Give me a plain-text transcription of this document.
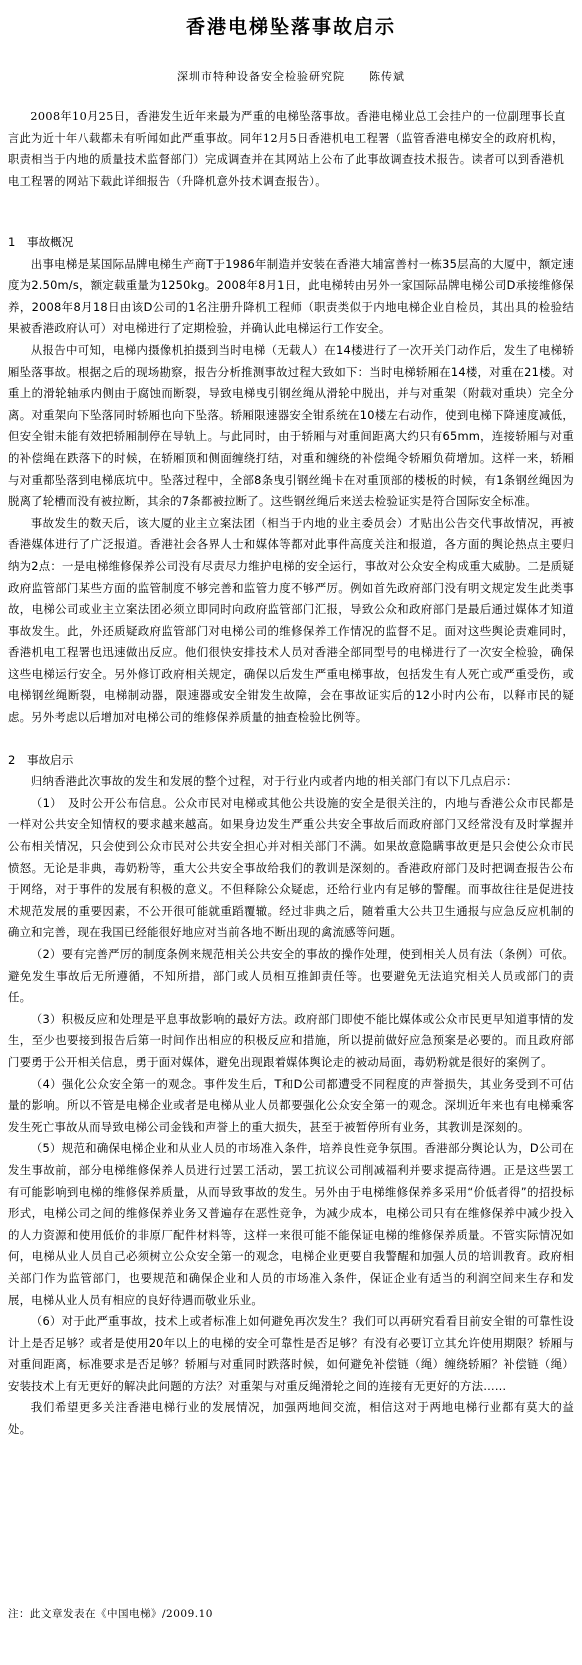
香港电梯坠落事故启示
深圳市特种设备安全检验研究院　　陈传斌
2008年10月25日，香港发生近年来最为严重的电梯坠落事故。香港电梯业总工会挂户的一位副理事长直言此为近十年八载都未有听闻如此严重事故。同年12月5日香港机电工程署（监管香港电梯安全的政府机构，职责相当于内地的质量技术监督部门）完成调查并在其网站上公布了此事故调查技术报告。读者可以到香港机电工程署的网站下载此详细报告（升降机意外技术调查报告）。

1　事故概况

出事电梯是某国际品牌电梯生产商T于1986年制造并安装在香港大埔富善村一栋35层高的大厦中，额定速度为2.50m/s，额定载重量为1250kg。2008年8月1日，此电梯转由另外一家国际品牌电梯公司D承接维修保养，2008年8月18日由该D公司的1名注册升降机工程师（职责类似于内地电梯企业自检员，其出具的检验结果被香港政府认可）对电梯进行了定期检验，并确认此电梯运行工作安全。

从报告中可知，电梯内摄像机拍摄到当时电梯（无载人）在14楼进行了一次开关门动作后，发生了电梯轿厢坠落事故。根据之后的现场勘察，报告分析推测事故过程大致如下：当时电梯轿厢在14楼，对重在21楼。对重上的滑轮轴承内侧由于腐蚀而断裂，导致电梯曳引钢丝绳从滑轮中脱出，并与对重架（附载对重块）完全分离。对重架向下坠落同时轿厢也向下坠落。轿厢限速器安全钳系统在10楼左右动作，使到电梯下降速度减低，但安全钳未能有效把轿厢制停在导轨上。与此同时，由于轿厢与对重间距离大约只有65mm，连接轿厢与对重的补偿绳在跌落下的时候，在轿厢顶和侧面缠绕打结，对重和缠绕的补偿绳令轿厢负荷增加。这样一来，轿厢与对重都坠落到电梯底坑中。坠落过程中，全部8条曳引钢丝绳卡在对重顶部的楼板的时候，有1条钢丝绳因为脱离了轮槽而没有被拉断，其余的7条都被拉断了。这些钢丝绳后来送去检验证实是符合国际安全标准。

事故发生的数天后，该大厦的业主立案法团（相当于内地的业主委员会）才贴出公告交代事故情况，再被香港媒体进行了广泛报道。香港社会各界人士和媒体等都对此事件高度关注和报道，各方面的舆论热点主要归纳为2点：一是电梯维修保养公司没有尽责尽力维护电梯的安全运行，事故对公众安全构成重大威胁。二是质疑政府监管部门某些方面的监管制度不够完善和监管力度不够严厉。例如首先政府部门没有明文规定发生此类事故，电梯公司或业主立案法团必须立即同时向政府监管部门汇报，导致公众和政府部门是最后通过媒体才知道事故发生。此，外还质疑政府监管部门对电梯公司的维修保养工作情况的监督不足。面对这些舆论责难同时，香港机电工程署也迅速做出反应。他们很快安排技术人员对香港全部同型号的电梯进行了一次安全检验，确保这些电梯运行安全。另外修订政府相关规定，确保以后发生严重电梯事故，包括发生有人死亡或严重受伤，或电梯钢丝绳断裂，电梯制动器，限速器或安全钳发生故障，会在事故证实后的12小时内公布，以释市民的疑虑。另外考虑以后增加对电梯公司的维修保养质量的抽查检验比例等。

2　事故启示

归纳香港此次事故的发生和发展的整个过程，对于行业内或者内地的相关部门有以下几点启示：

（1）　及时公开公布信息。公众市民对电梯或其他公共设施的安全是很关注的，内地与香港公众市民都是一样对公共安全知情权的要求越来越高。如果身边发生严重公共安全事故后而政府部门又经常没有及时掌握并公布相关情况，只会使到公众市民对公共安全担心并对相关部门不满。如果故意隐瞒事故更是只会使公众市民愤怒。无论是非典，毒奶粉等，重大公共安全事故给我们的教训是深刻的。香港政府部门及时把调查报告公布于网络，对于事件的发展有积极的意义。不但释除公众疑虑，还给行业内有足够的警醒。而事故往往是促进技术规范发展的重要因素，不公开很可能就重蹈覆辙。经过非典之后，随着重大公共卫生通报与应急反应机制的确立和完善，现在我国已经能很好地应对当前各地不断出现的禽流感等问题。

（2）要有完善严厉的制度条例来规范相关公共安全的事故的操作处理，使到相关人员有法（条例）可依。避免发生事故后无所遵循，不知所措，部门或人员相互推卸责任等。也要避免无法追究相关人员或部门的责任。

（3）积极反应和处理是平息事故影响的最好方法。政府部门即使不能比媒体或公众市民更早知道事情的发生，至少也要接到报告后第一时间作出相应的积极反应和措施，所以提前做好应急预案是必要的。而且政府部门要勇于公开相关信息，勇于面对媒体，避免出现跟着媒体舆论走的被动局面，毒奶粉就是很好的案例了。

（4）强化公众安全第一的观念。事件发生后，T和D公司都遭受不同程度的声誉损失，其业务受到不可估量的影响。所以不管是电梯企业或者是电梯从业人员都要强化公众安全第一的观念。深圳近年来也有电梯乘客发生死亡事故从而导致电梯公司金钱和声誉上的重大损失，甚至于被暂停所有业务，其教训是深刻的。

（5）规范和确保电梯企业和从业人员的市场准入条件，培养良性竞争氛围。香港部分舆论认为，D公司在发生事故前，部分电梯维修保养人员进行过罢工活动，罢工抗议公司削减福利并要求提高待遇。正是这些罢工有可能影响到电梯的维修保养质量，从而导致事故的发生。另外由于电梯维修保养多采用“价低者得”的招投标形式，电梯公司之间的维修保养业务又普遍存在恶性竞争，为减少成本，电梯公司只有在维修保养中减少投入的人力资源和使用低价的非原厂配件材料等，这样一来很可能不能保证电梯的维修保养质量。不管实际情况如何，电梯从业人员自己必须树立公众安全第一的观念，电梯企业更要自我警醒和加强人员的培训教育。政府相关部门作为监管部门，也要规范和确保企业和人员的市场准入条件，保证企业有适当的利润空间来生存和发展，电梯从业人员有相应的良好待遇而敬业乐业。

（6）对于此严重事故，技术上或者标准上如何避免再次发生？我们可以再研究看看目前安全钳的可靠性设计上是否足够？或者是使用20年以上的电梯的安全可靠性是否足够？有没有必要订立其允许使用期限？轿厢与对重间距离，标准要求是否足够？轿厢与对重同时跌落时候，如何避免补偿链（绳）缠绕轿厢？补偿链（绳）安装技术上有无更好的解决此问题的方法？对重架与对重反绳滑轮之间的连接有无更好的方法……

我们希望更多关注香港电梯行业的发展情况，加强两地间交流，相信这对于两地电梯行业都有莫大的益处。

注：此文章发表在《中国电梯》/2009.10
